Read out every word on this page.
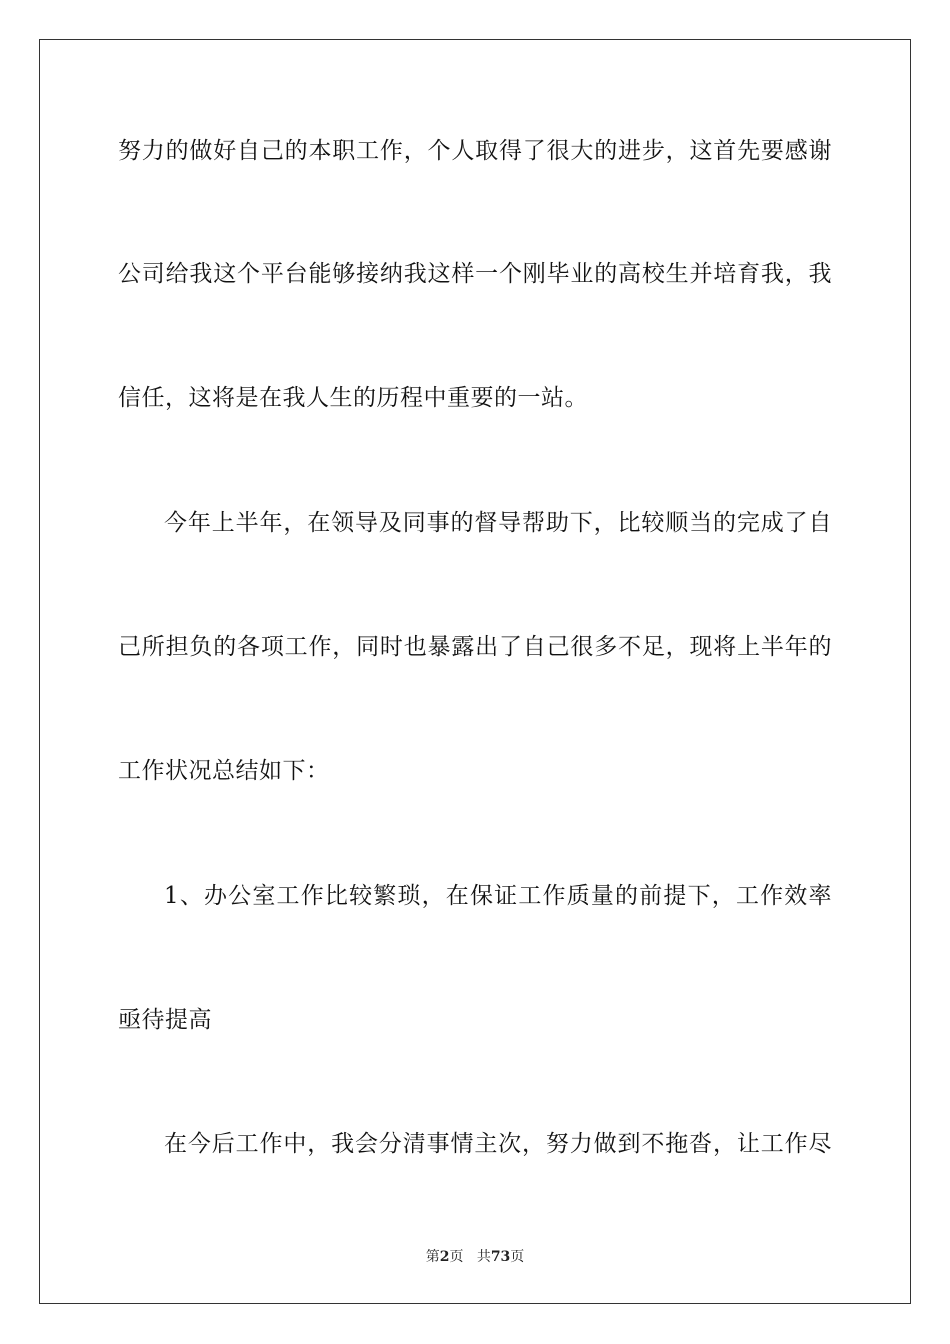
努力的做好自己的本职工作，个人取得了很大的进步，这首先要感谢
公司给我这个平台能够接纳我这样一个刚毕业的高校生并培育我，我
信任，这将是在我人生的历程中重要的一站。
今年上半年，在领导及同事的督导帮助下，比较顺当的完成了自
己所担负的各项工作，同时也暴露出了自己很多不足，现将上半年的
工作状况总结如下：
1、办公室工作比较繁琐，在保证工作质量的前提下，工作效率
亟待提高
在今后工作中，我会分清事情主次，努力做到不拖沓，让工作尽
第2页 共73页
